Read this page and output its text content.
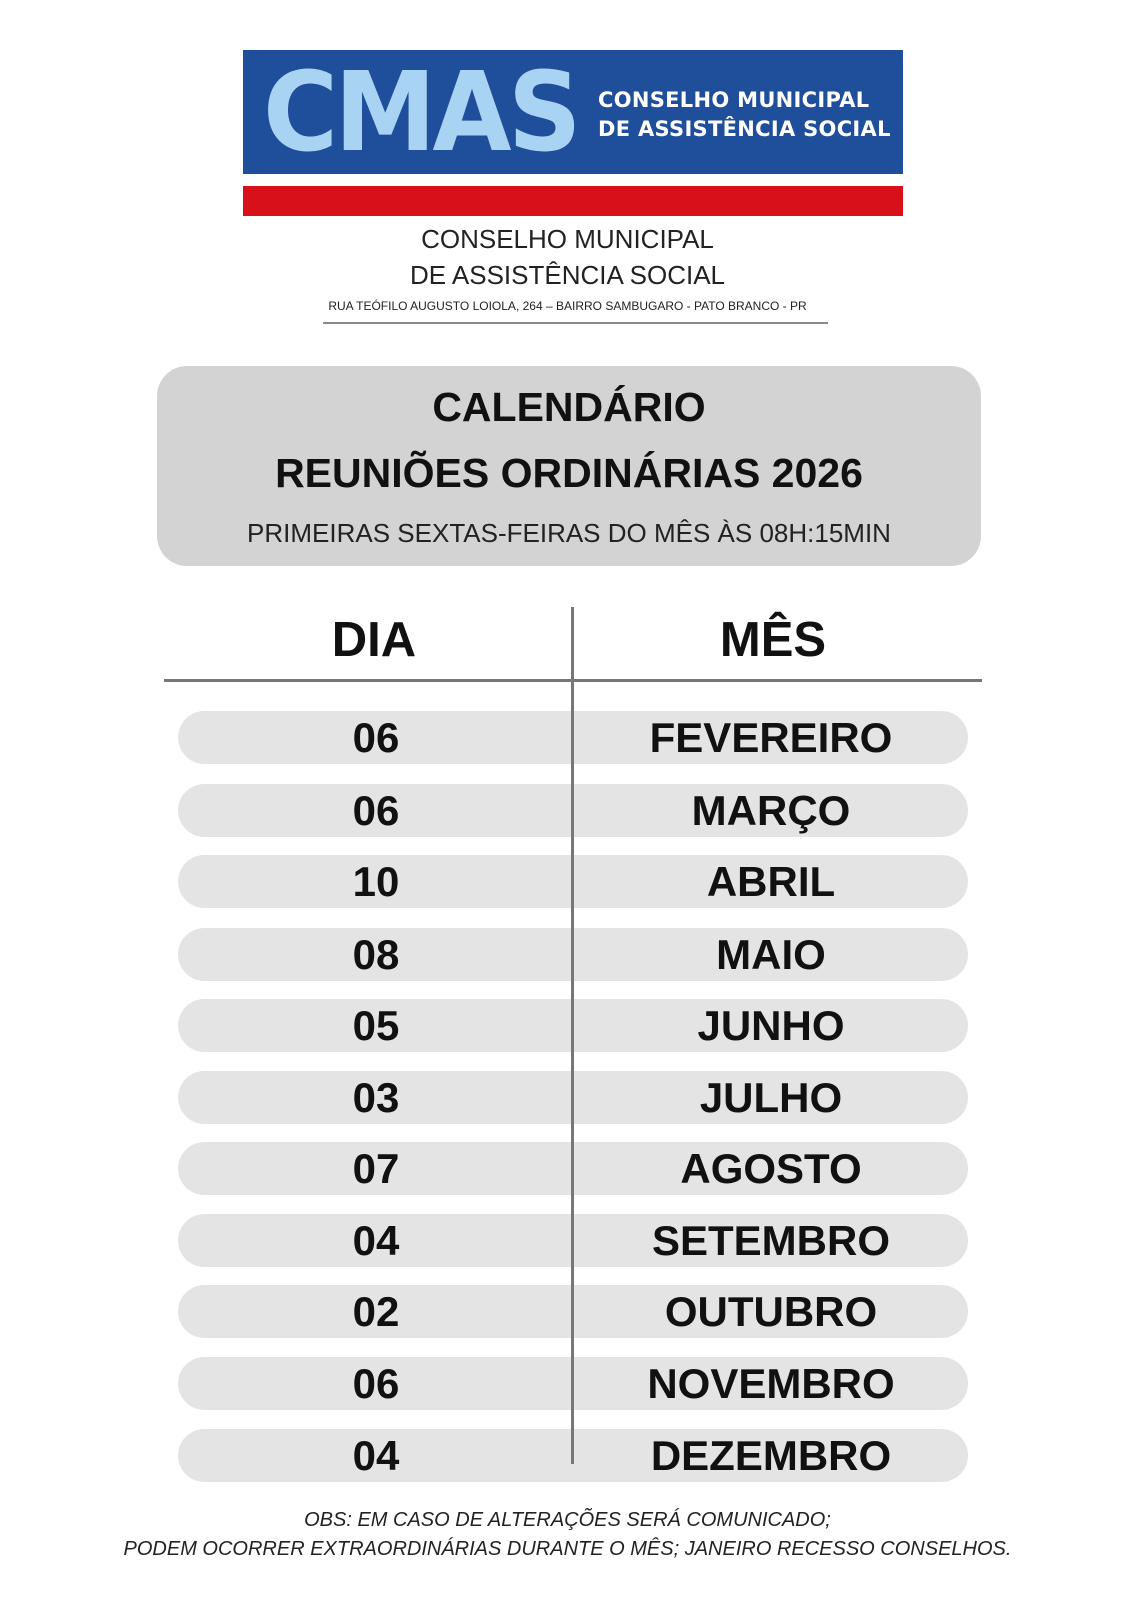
CMAS CONSELHO MUNICIPAL
DE ASSISTÊNCIA SOCIAL
CONSELHO MUNICIPAL
DE ASSISTÊNCIA SOCIAL
RUA TEÓFILO AUGUSTO LOIOLA, 264 – BAIRRO SAMBUGARO - PATO BRANCO - PR
CALENDÁRIO
REUNIÕES ORDINÁRIAS 2026
PRIMEIRAS SEXTAS-FEIRAS DO MÊS ÀS 08H:15MIN
DIA	MÊS
06	FEVEREIRO
06	MARÇO
10	ABRIL
08	MAIO
05	JUNHO
03	JULHO
07	AGOSTO
04	SETEMBRO
02	OUTUBRO
06	NOVEMBRO
04	DEZEMBRO
OBS: EM CASO DE ALTERAÇÕES SERÁ COMUNICADO;
PODEM OCORRER EXTRAORDINÁRIAS DURANTE O MÊS; JANEIRO RECESSO CONSELHOS.
